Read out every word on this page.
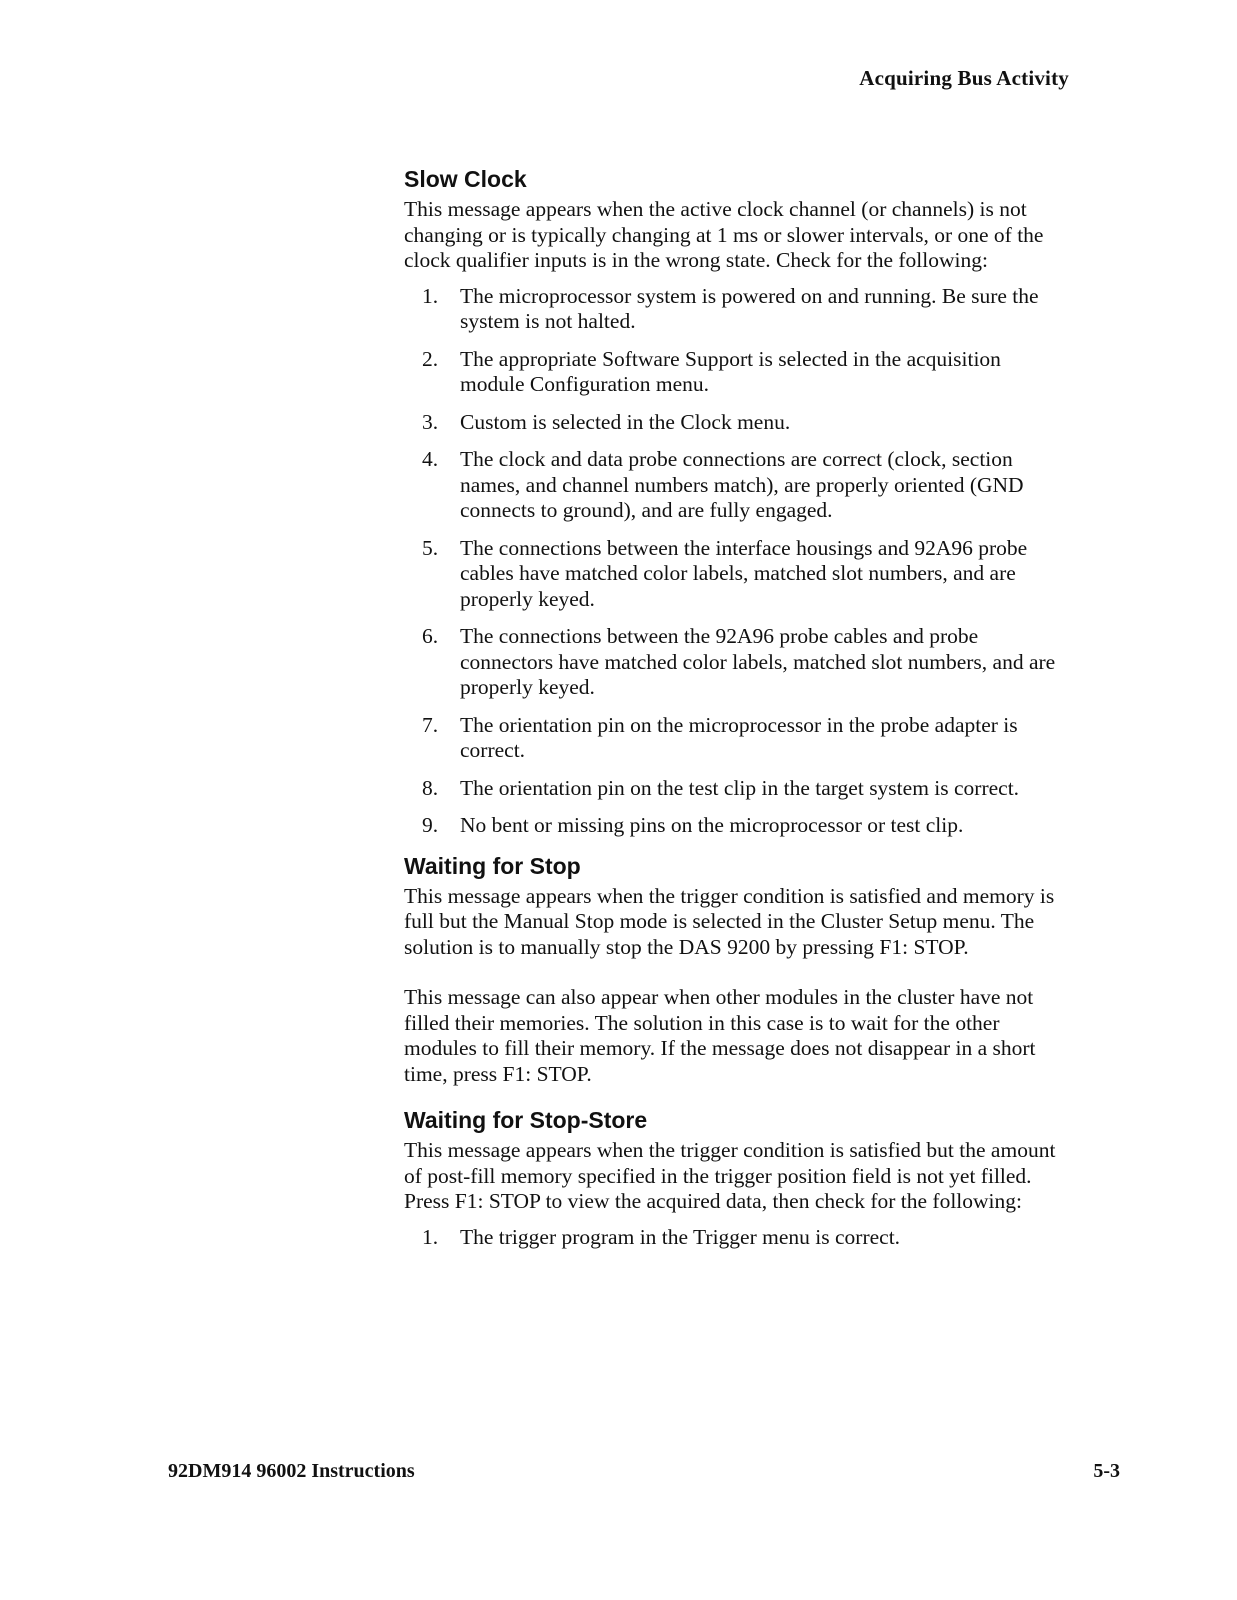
Acquiring Bus Activity
Slow Clock

This message appears when the active clock channel (or channels) is not changing or is typically changing at 1 ms or slower intervals, or one of the clock qualifier inputs is in the wrong state. Check for the following:

1. The microprocessor system is powered on and running. Be sure the system is not halted.
2. The appropriate Software Support is selected in the acquisition module Configuration menu.
3. Custom is selected in the Clock menu.
4. The clock and data probe connections are correct (clock, section names, and channel numbers match), are properly oriented (GND connects to ground), and are fully engaged.
5. The connections between the interface housings and 92A96 probe cables have matched color labels, matched slot numbers, and are properly keyed.
6. The connections between the 92A96 probe cables and probe connectors have matched color labels, matched slot numbers, and are properly keyed.
7. The orientation pin on the microprocessor in the probe adapter is correct.
8. The orientation pin on the test clip in the target system is correct.
9. No bent or missing pins on the microprocessor or test clip.
Waiting for Stop

This message appears when the trigger condition is satisfied and memory is full but the Manual Stop mode is selected in the Cluster Setup menu. The solution is to manually stop the DAS 9200 by pressing F1: STOP.

This message can also appear when other modules in the cluster have not filled their memories. The solution in this case is to wait for the other modules to fill their memory. If the message does not disappear in a short time, press F1: STOP.

Waiting for Stop-Store

This message appears when the trigger condition is satisfied but the amount of post-fill memory specified in the trigger position field is not yet filled. Press F1: STOP to view the acquired data, then check for the following:

1. The trigger program in the Trigger menu is correct.
92DM914 96002 Instructions	5-3
